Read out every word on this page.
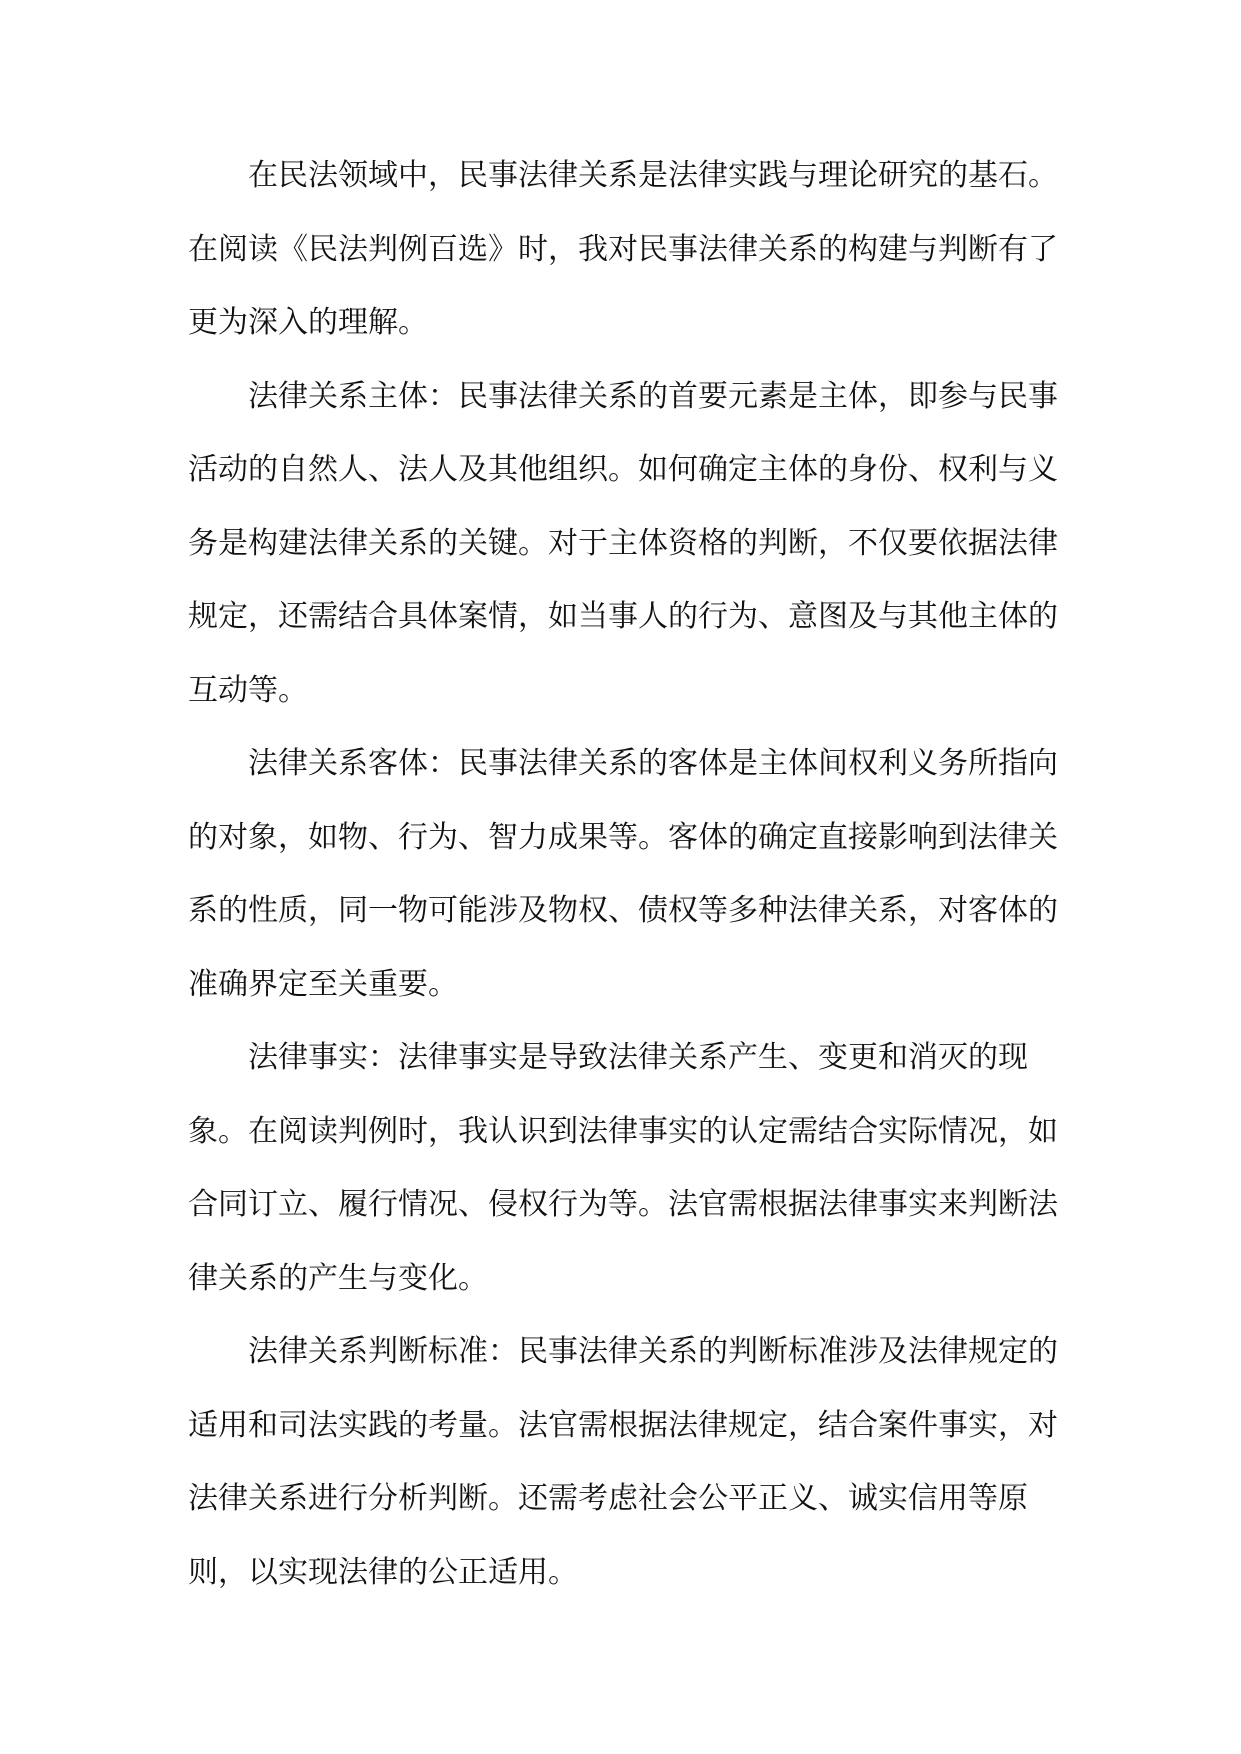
在民法领域中，民事法律关系是法律实践与理论研究的基石。在阅读《民法判例百选》时，我对民事法律关系的构建与判断有了更为深入的理解。

法律关系主体：民事法律关系的首要元素是主体，即参与民事活动的自然人、法人及其他组织。如何确定主体的身份、权利与义务是构建法律关系的关键。对于主体资格的判断，不仅要依据法律规定，还需结合具体案情，如当事人的行为、意图及与其他主体的互动等。

法律关系客体：民事法律关系的客体是主体间权利义务所指向的对象，如物、行为、智力成果等。客体的确定直接影响到法律关系的性质，同一物可能涉及物权、债权等多种法律关系，对客体的准确界定至关重要。

法律事实：法律事实是导致法律关系产生、变更和消灭的现象。在阅读判例时，我认识到法律事实的认定需结合实际情况，如合同订立、履行情况、侵权行为等。法官需根据法律事实来判断法律关系的产生与变化。

法律关系判断标准：民事法律关系的判断标准涉及法律规定的适用和司法实践的考量。法官需根据法律规定，结合案件事实，对法律关系进行分析判断。还需考虑社会公平正义、诚实信用等原则，以实现法律的公正适用。
